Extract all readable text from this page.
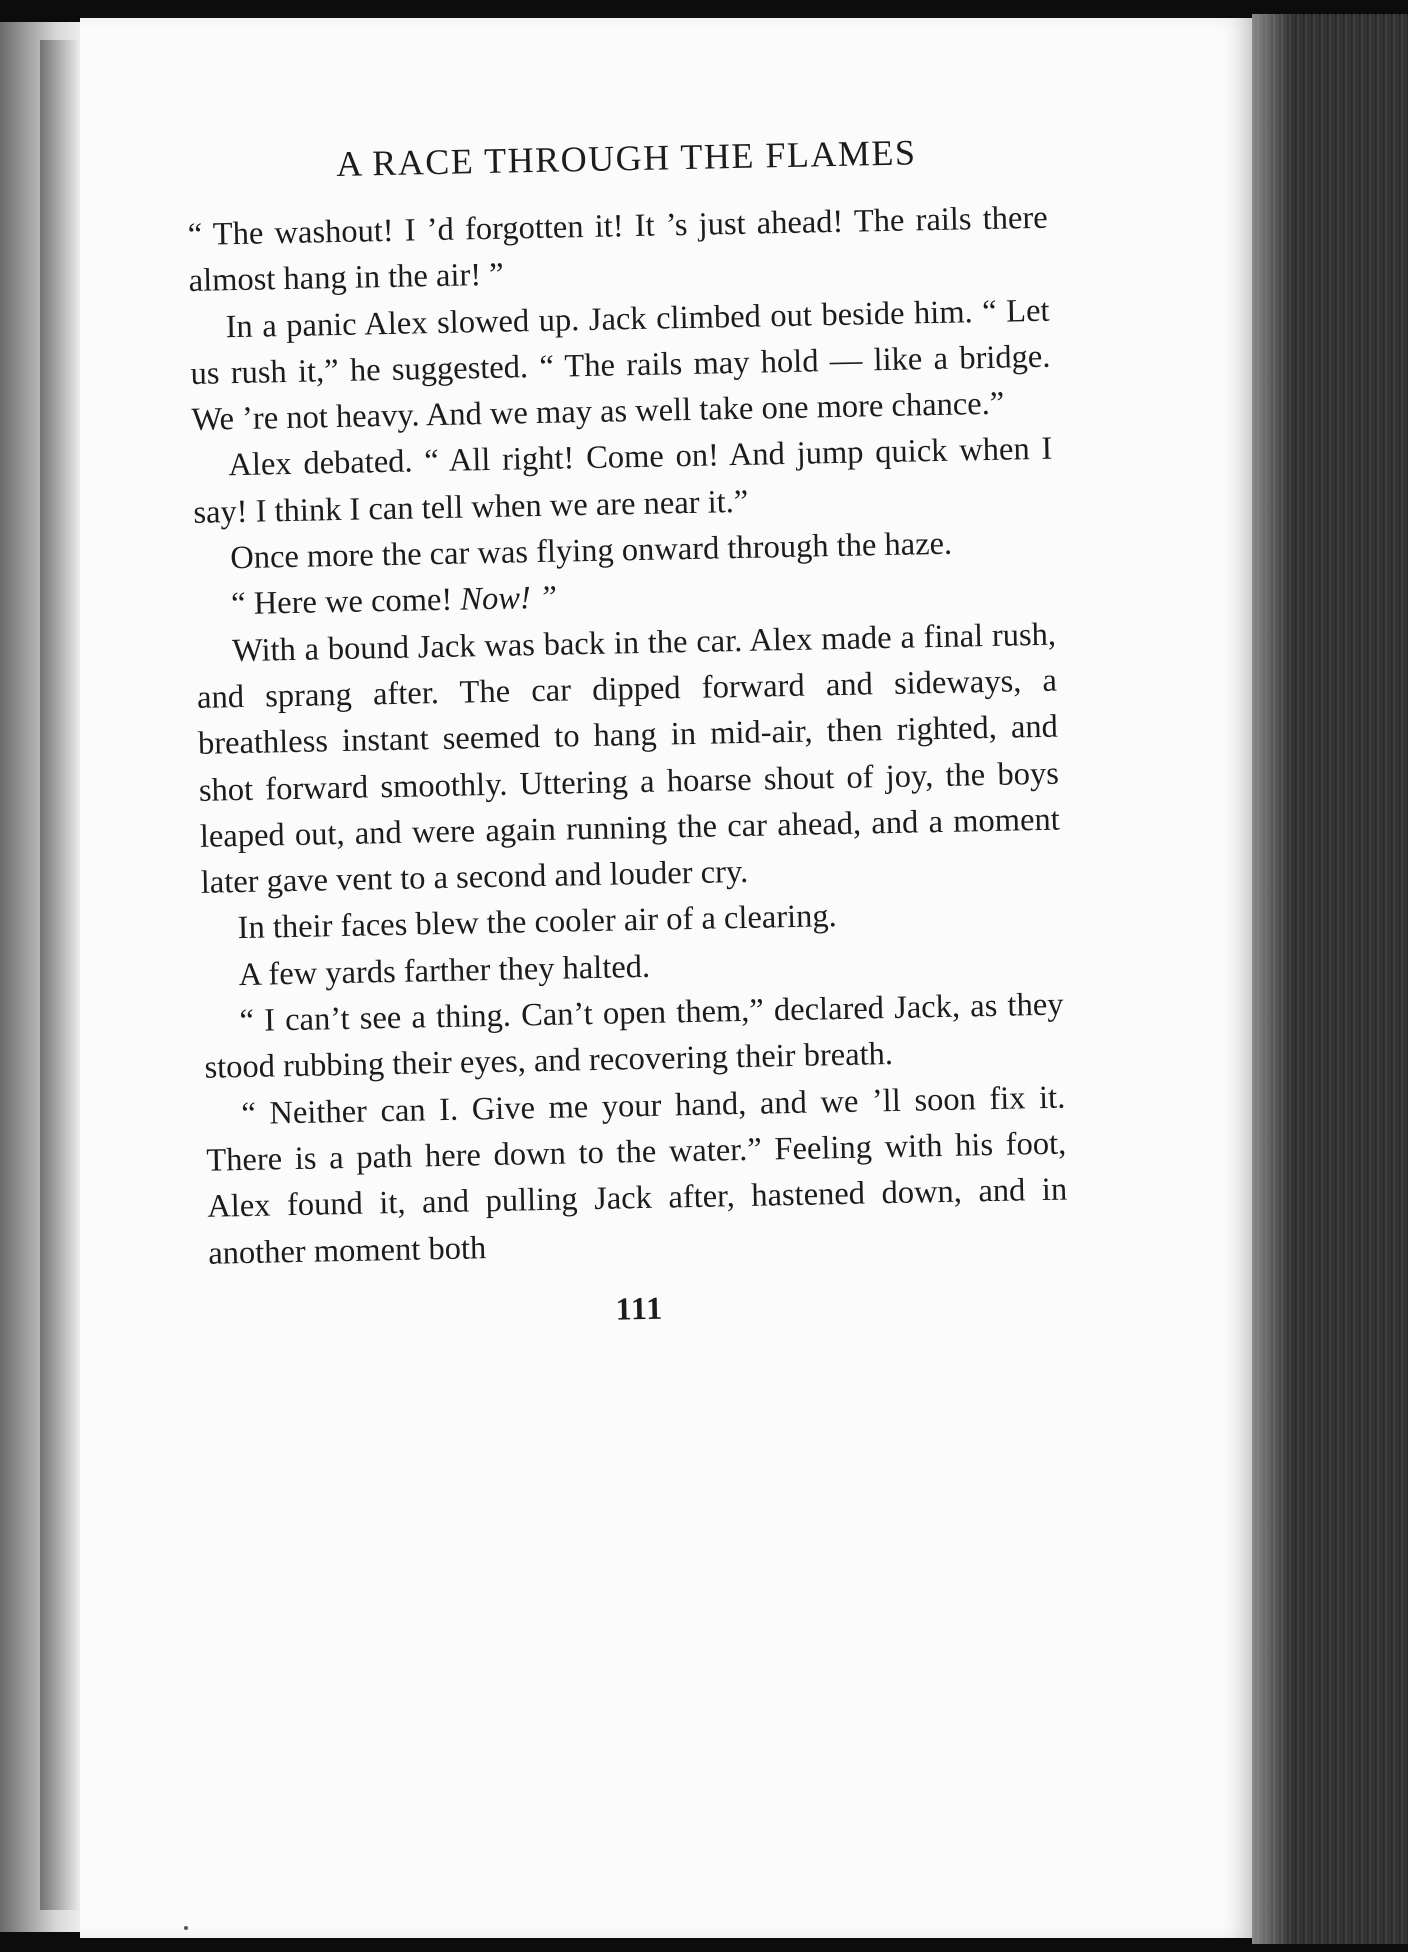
A RACE THROUGH THE FLAMES

“ The washout! I ’d forgotten it! It ’s just ahead! The rails there almost hang in the air! ”

In a panic Alex slowed up. Jack climbed out beside him. “ Let us rush it,” he suggested. “ The rails may hold — like a bridge. We ’re not heavy. And we may as well take one more chance.”

Alex debated. “ All right! Come on! And jump quick when I say! I think I can tell when we are near it.”

Once more the car was flying onward through the haze.

“ Here we come! Now! ”

With a bound Jack was back in the car. Alex made a final rush, and sprang after. The car dipped forward and sideways, a breathless instant seemed to hang in mid-air, then righted, and shot forward smoothly. Uttering a hoarse shout of joy, the boys leaped out, and were again running the car ahead, and a moment later gave vent to a second and louder cry.

In their faces blew the cooler air of a clearing.

A few yards farther they halted.

“ I can’t see a thing. Can’t open them,” declared Jack, as they stood rubbing their eyes, and recovering their breath.

“ Neither can I. Give me your hand, and we ’ll soon fix it. There is a path here down to the water.” Feeling with his foot, Alex found it, and pulling Jack after, hastened down, and in another moment both

111
